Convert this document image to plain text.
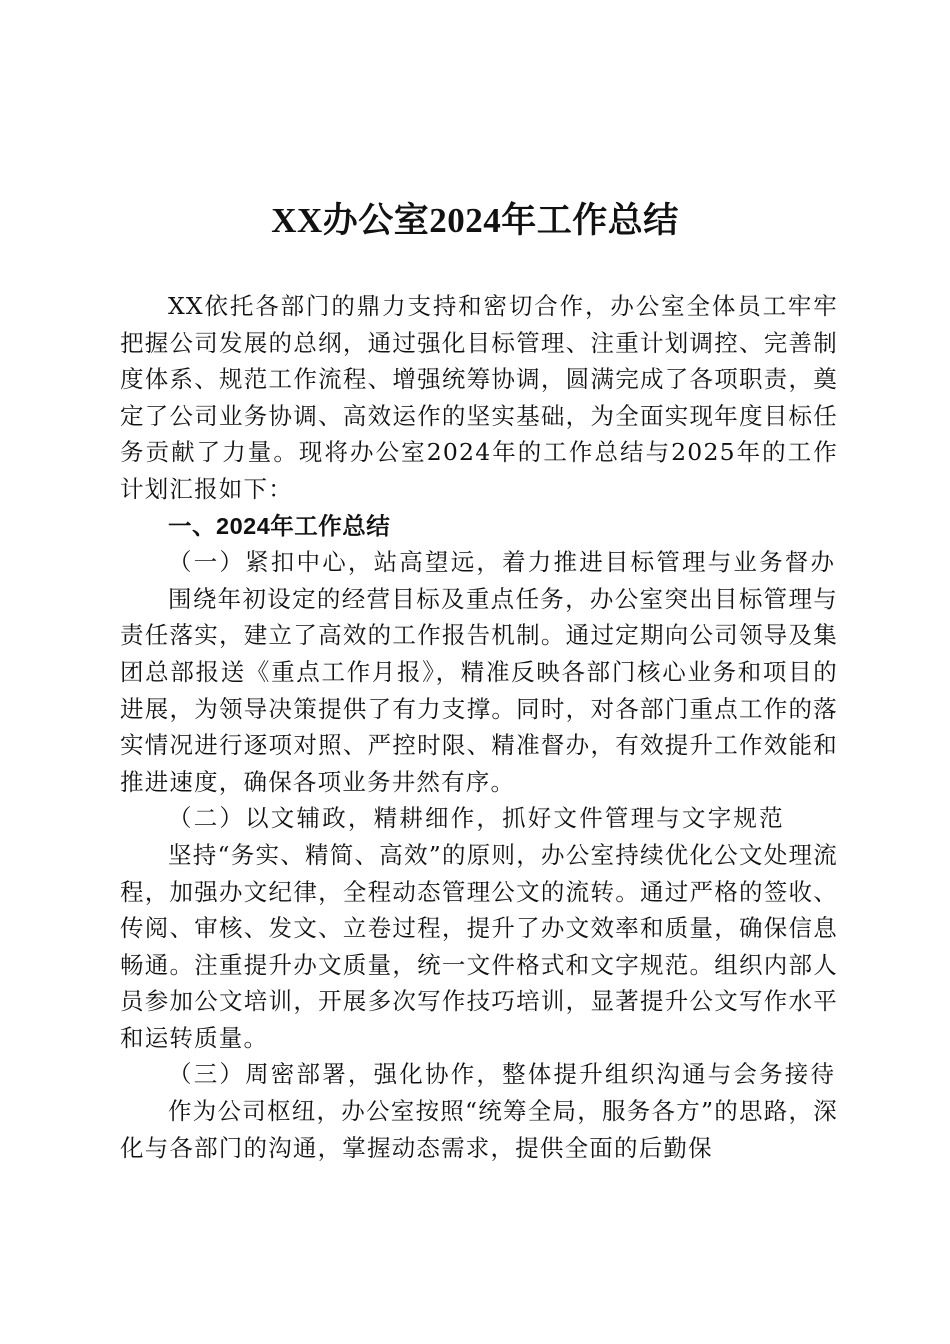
XX办公室2024年工作总结

XX依托各部门的鼎力支持和密切合作，办公室全体员工牢牢把握公司发展的总纲，通过强化目标管理、注重计划调控、完善制度体系、规范工作流程、增强统筹协调，圆满完成了各项职责，奠定了公司业务协调、高效运作的坚实基础，为全面实现年度目标任务贡献了力量。现将办公室2024年的工作总结与2025年的工作计划汇报如下：

一、2024年工作总结

（一）紧扣中心，站高望远，着力推进目标管理与业务督办

围绕年初设定的经营目标及重点任务，办公室突出目标管理与责任落实，建立了高效的工作报告机制。通过定期向公司领导及集团总部报送《重点工作月报》，精准反映各部门核心业务和项目的进展，为领导决策提供了有力支撑。同时，对各部门重点工作的落实情况进行逐项对照、严控时限、精准督办，有效提升工作效能和推进速度，确保各项业务井然有序。

（二）以文辅政，精耕细作，抓好文件管理与文字规范

坚持“务实、精简、高效”的原则，办公室持续优化公文处理流程，加强办文纪律，全程动态管理公文的流转。通过严格的签收、传阅、审核、发文、立卷过程，提升了办文效率和质量，确保信息畅通。注重提升办文质量，统一文件格式和文字规范。组织内部人员参加公文培训，开展多次写作技巧培训，显著提升公文写作水平和运转质量。

（三）周密部署，强化协作，整体提升组织沟通与会务接待

作为公司枢纽，办公室按照“统筹全局，服务各方”的思路，深化与各部门的沟通，掌握动态需求，提供全面的后勤保
